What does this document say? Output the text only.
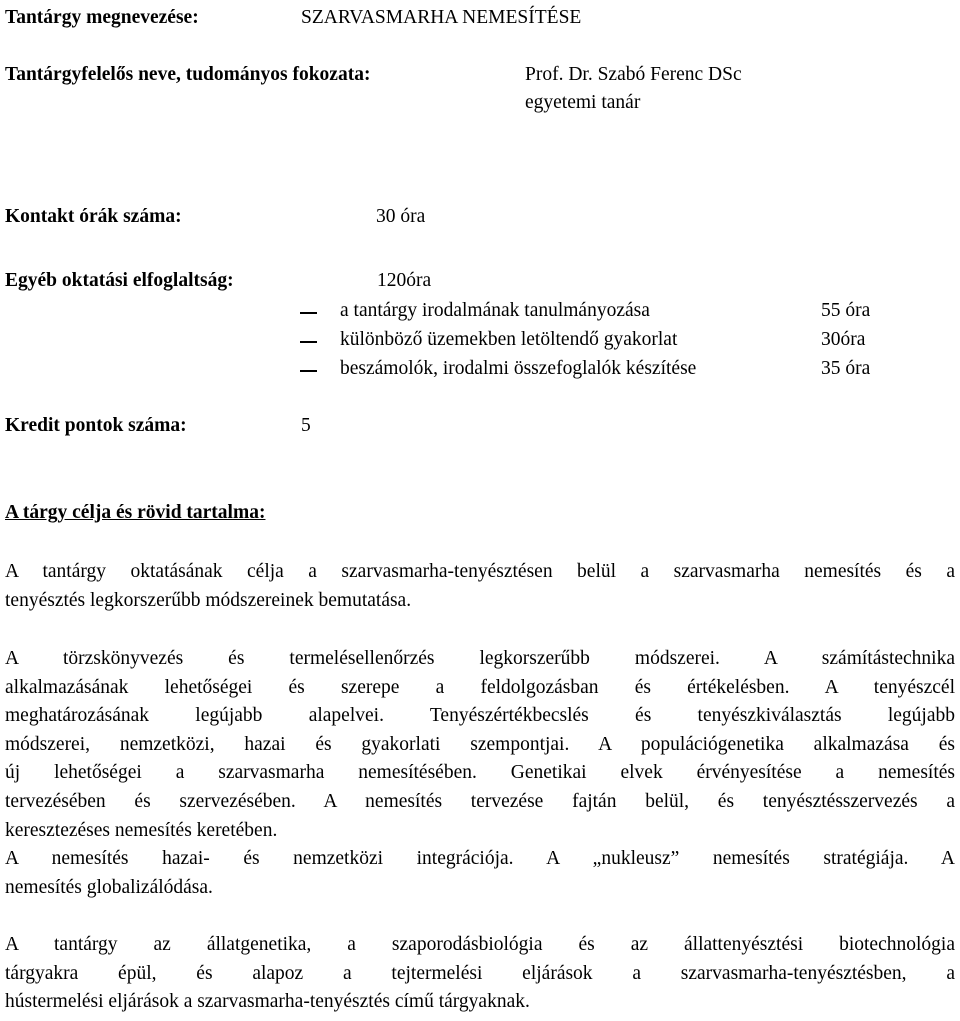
Tantárgy megnevezése:	SZARVASMARHA NEMESÍTÉSE
Tantárgyfelelős neve, tudományos fokozata:	Prof. Dr. Szabó Ferenc DSc
egyetemi tanár
Kontakt órák száma:	30 óra
Egyéb oktatási elfoglaltság:	120óra
a tantárgy irodalmának tanulmányozása	55 óra
különböző üzemekben letöltendő gyakorlat	30óra
beszámolók, irodalmi összefoglalók készítése	35 óra
Kredit pontok száma:	5
A tárgy célja és rövid tartalma:

A tantárgy oktatásának célja a szarvasmarha-tenyésztésen belül a szarvasmarha nemesítés és a
tenyésztés legkorszerűbb módszereinek bemutatása.

A törzskönyvezés és termelésellenőrzés legkorszerűbb módszerei. A számítástechnika
alkalmazásának lehetőségei és szerepe a feldolgozásban és értékelésben. A tenyészcél
meghatározásának legújabb alapelvei. Tenyészértékbecslés és tenyészkiválasztás legújabb
módszerei, nemzetközi, hazai és gyakorlati szempontjai. A populációgenetika alkalmazása és
új lehetőségei a szarvasmarha nemesítésében. Genetikai elvek érvényesítése a nemesítés
tervezésében és szervezésében. A nemesítés tervezése fajtán belül, és tenyésztésszervezés a
keresztezéses nemesítés keretében.

A nemesítés hazai- és nemzetközi integrációja. A „nukleusz” nemesítés stratégiája. A
nemesítés globalizálódása.

A tantárgy az állatgenetika, a szaporodásbiológia és az állattenyésztési biotechnológia
tárgyakra épül, és alapoz a tejtermelési eljárások a szarvasmarha-tenyésztésben, a
hústermelési eljárások a szarvasmarha-tenyésztés című tárgyaknak.
